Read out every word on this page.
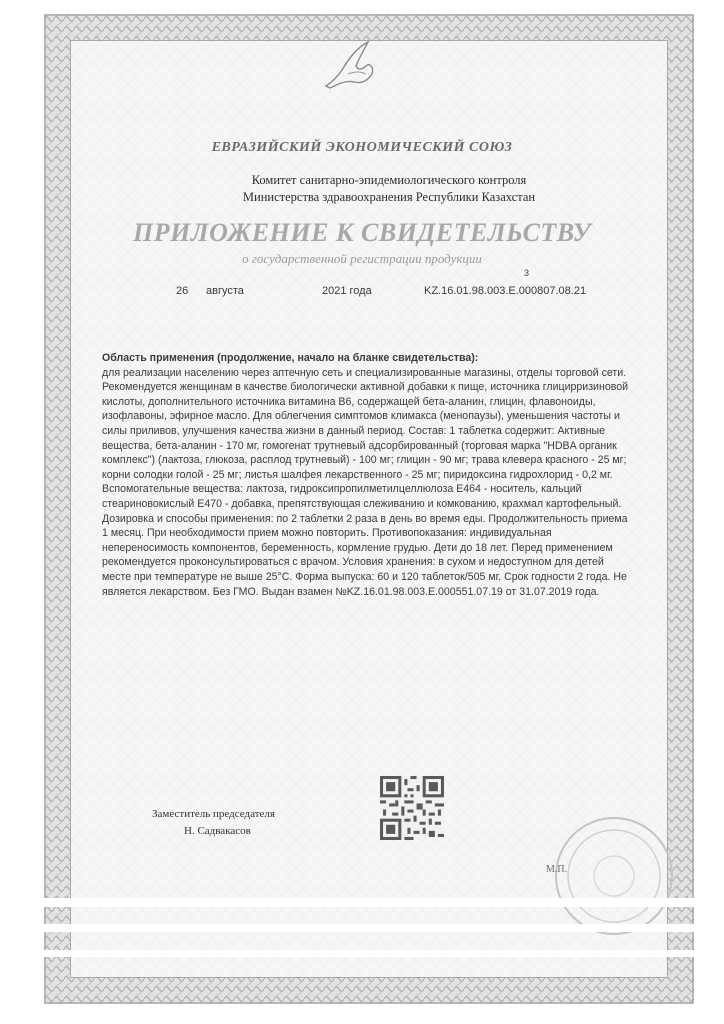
ЕВРАЗИЙСКИЙ ЭКОНОМИЧЕСКИЙ СОЮЗ
Комитет санитарно-эпидемиологического контроля
Министерства здравоохранения Республики Казахстан
ПРИЛОЖЕНИЕ К СВИДЕТЕЛЬСТВУ
о государственной регистрации продукции
3
26 августа	2021 года	KZ.16.01.98.003.E.000807.08.21
Область применения (продолжение, начало на бланке свидетельства):
для реализации населению через аптечную сеть и специализированные магазины, отделы торговой сети. Рекомендуется женщинам в качестве биологически активной добавки к пище, источника глицирризиновой кислоты, дополнительного источника витамина В6, содержащей бета-аланин, глицин, флавоноиды, изофлавоны, эфирное масло. Для облегчения симптомов климакса (менопаузы), уменьшения частоты и силы приливов, улучшения качества жизни в данный период. Состав: 1 таблетка содержит: Активные вещества, бета-аланин - 170 мг, гомогенат трутневый адсорбированный (торговая марка "HDBA органик комплекс") (лактоза, глюкоза, расплод трутневый) - 100 мг; глицин - 90 мг; трава клевера красного - 25 мг; корни солодки голой - 25 мг; листья шалфея лекарственного - 25 мг; пиридоксина гидрохлорид - 0,2 мг. Вспомогательные вещества: лактоза, гидроксипропилметилцеллюлоза Е464 - носитель, кальций стеариновокислый Е470 - добавка, препятствующая слеживанию и комкованию, крахмал картофельный. Дозировка и способы применения: по 2 таблетки 2 раза в день во время еды. Продолжительность приема 1 месяц. При необходимости прием можно повторить. Противопоказания: индивидуальная непереносимость компонентов, беременность, кормление грудью. Дети до 18 лет. Перед применением рекомендуется проконсультироваться с врачом. Условия хранения: в сухом и недоступном для детей месте при температуре не выше 25°С. Форма выпуска: 60 и 120 таблеток/505 мг. Срок годности 2 года. Не является лекарством. Без ГМО. Выдан взамен №KZ.16.01.98.003.E.000551.07.19 от 31.07.2019 года.
Заместитель председателя
Н. Садвакасов
М.П.
